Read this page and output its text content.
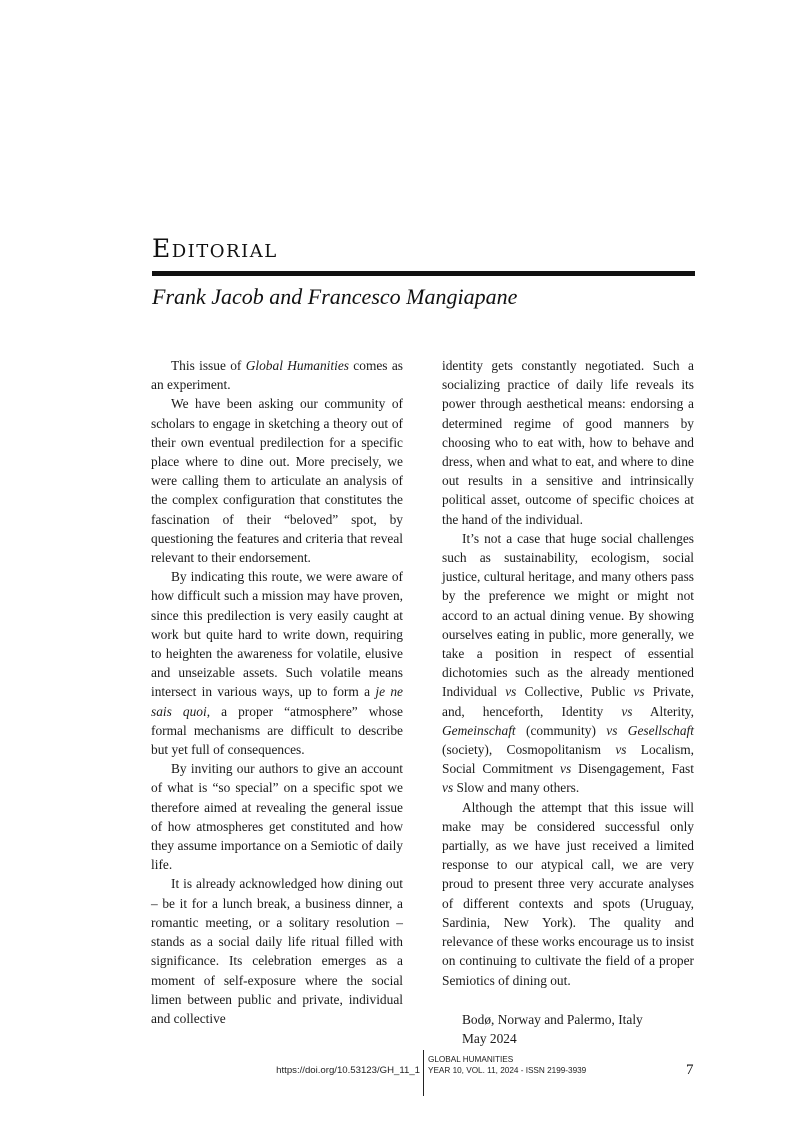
Editorial
Frank Jacob and Francesco Mangiapane

This issue of Global Humanities comes as an experiment.

We have been asking our community of scholars to engage in sketching a theory out of their own eventual predilection for a specific place where to dine out. More precisely, we were calling them to articulate an analysis of the complex configuration that constitutes the fascination of their “beloved” spot, by questioning the features and criteria that reveal relevant to their endorsement.

By indicating this route, we were aware of how difficult such a mission may have proven, since this predilection is very easily caught at work but quite hard to write down, requiring to heighten the awareness for volatile, elusive and unseizable assets. Such volatile means intersect in various ways, up to form a je ne sais quoi, a proper “atmosphere” whose formal mechanisms are difficult to describe but yet full of consequences.

By inviting our authors to give an account of what is “so special” on a specific spot we therefore aimed at revealing the general issue of how atmospheres get constituted and how they assume importance on a Semiotic of daily life.

It is already acknowledged how dining out – be it for a lunch break, a business dinner, a romantic meeting, or a solitary resolution – stands as a social daily life ritual filled with significance. Its celebration emerges as a moment of self-exposure where the social limen between public and private, individual and collective

identity gets constantly negotiated. Such a socializing practice of daily life reveals its power through aesthetical means: endorsing a determined regime of good manners by choosing who to eat with, how to behave and dress, when and what to eat, and where to dine out results in a sensitive and intrinsically political asset, outcome of specific choices at the hand of the individual.

It’s not a case that huge social challenges such as sustainability, ecologism, social justice, cultural heritage, and many others pass by the preference we might or might not accord to an actual dining venue. By showing ourselves eating in public, more generally, we take a position in respect of essential dichotomies such as the already mentioned Individual vs Collective, Public vs Private, and, henceforth, Identity vs Alterity, Gemeinschaft (community) vs Gesellschaft (society), Cosmopolitanism vs Localism, Social Commitment vs Disengagement, Fast vs Slow and many others.

Although the attempt that this issue will make may be considered successful only partially, as we have just received a limited response to our atypical call, we are very proud to present three very accurate analyses of different contexts and spots (Uruguay, Sardinia, New York). The quality and relevance of these works encourage us to insist on continuing to cultivate the field of a proper Semiotics of dining out.

Bodø, Norway and Palermo, Italy
May 2024
https://doi.org/10.53123/GH_11_1
GLOBAL HUMANITIES
YEAR 10, VOL. 11, 2024 - ISSN 2199-3939	7
